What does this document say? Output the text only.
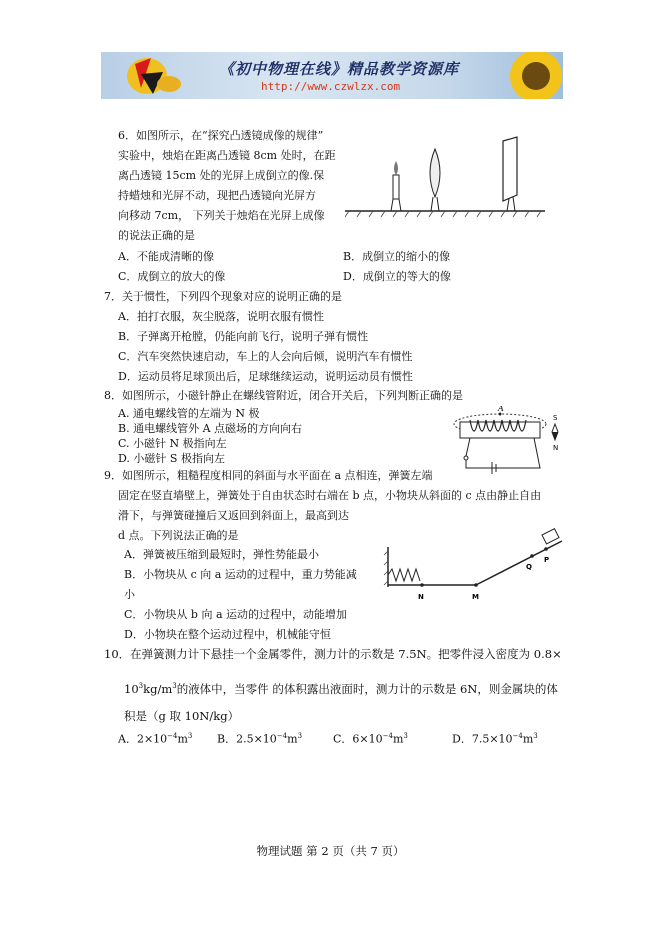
《初中物理在线》精品教学资源库
http://www.czwlzx.com
6．如图所示，在“探究凸透镜成像的规律”
实验中，烛焰在距离凸透镜 8cm 处时，在距
离凸透镜 15cm 处的光屏上成倒立的像.保
持蜡烛和光屏不动，现把凸透镜向光屏方
向移动 7cm， 下列关于烛焰在光屏上成像
的说法正确的是
A．不能成清晰的像	B．成倒立的缩小的像
C．成倒立的放大的像	D．成倒立的等大的像
7．关于惯性，下列四个现象对应的说明正确的是
A．拍打衣服，灰尘脱落，说明衣服有惯性
B．子弹离开枪膛，仍能向前飞行，说明子弹有惯性
C．汽车突然快速启动，车上的人会向后倾，说明汽车有惯性
D．运动员将足球顶出后，足球继续运动，说明运动员有惯性
8．如图所示，小磁针静止在螺线管附近，闭合开关后，下列判断正确的是
A. 通电螺线管的左端为 N 极
B. 通电螺线管外 A 点磁场的方向向右
C. 小磁针 N 极指向左
D. 小磁针 S 极指向左
A
S
N
9．如图所示，粗糙程度相同的斜面与水平面在 a 点相连，弹簧左端
固定在竖直墙壁上，弹簧处于自由状态时右端在 b 点，小物块从斜面的 c 点由静止自由
滑下，与弹簧碰撞后又返回到斜面上，最高到达
d 点。下列说法正确的是
A．弹簧被压缩到最短时，弹性势能最小
B．小物块从 c 向 a 运动的过程中，重力势能减
小
C．小物块从 b 向 a 运动的过程中，动能增加
D．小物块在整个运动过程中，机械能守恒
N	M
Q
P
10．在弹簧测力计下悬挂一个金属零件，测力计的示数是 7.5N。把零件浸入密度为 0.8×
$10^3kg/m^3$的液体中，当零件 的体积露出液面时，测力计的示数是 6N，则金属块的体
积是（g 取 10N/kg）
A．$2\times 10^{-4}m^3$ B．$2.5\times 10^{-4}m^3$	C．$6\times 10^{-4}m^3$	D．$7.5\times 10^{-4}m^3$
物理试题 第 2 页（共 7 页）
